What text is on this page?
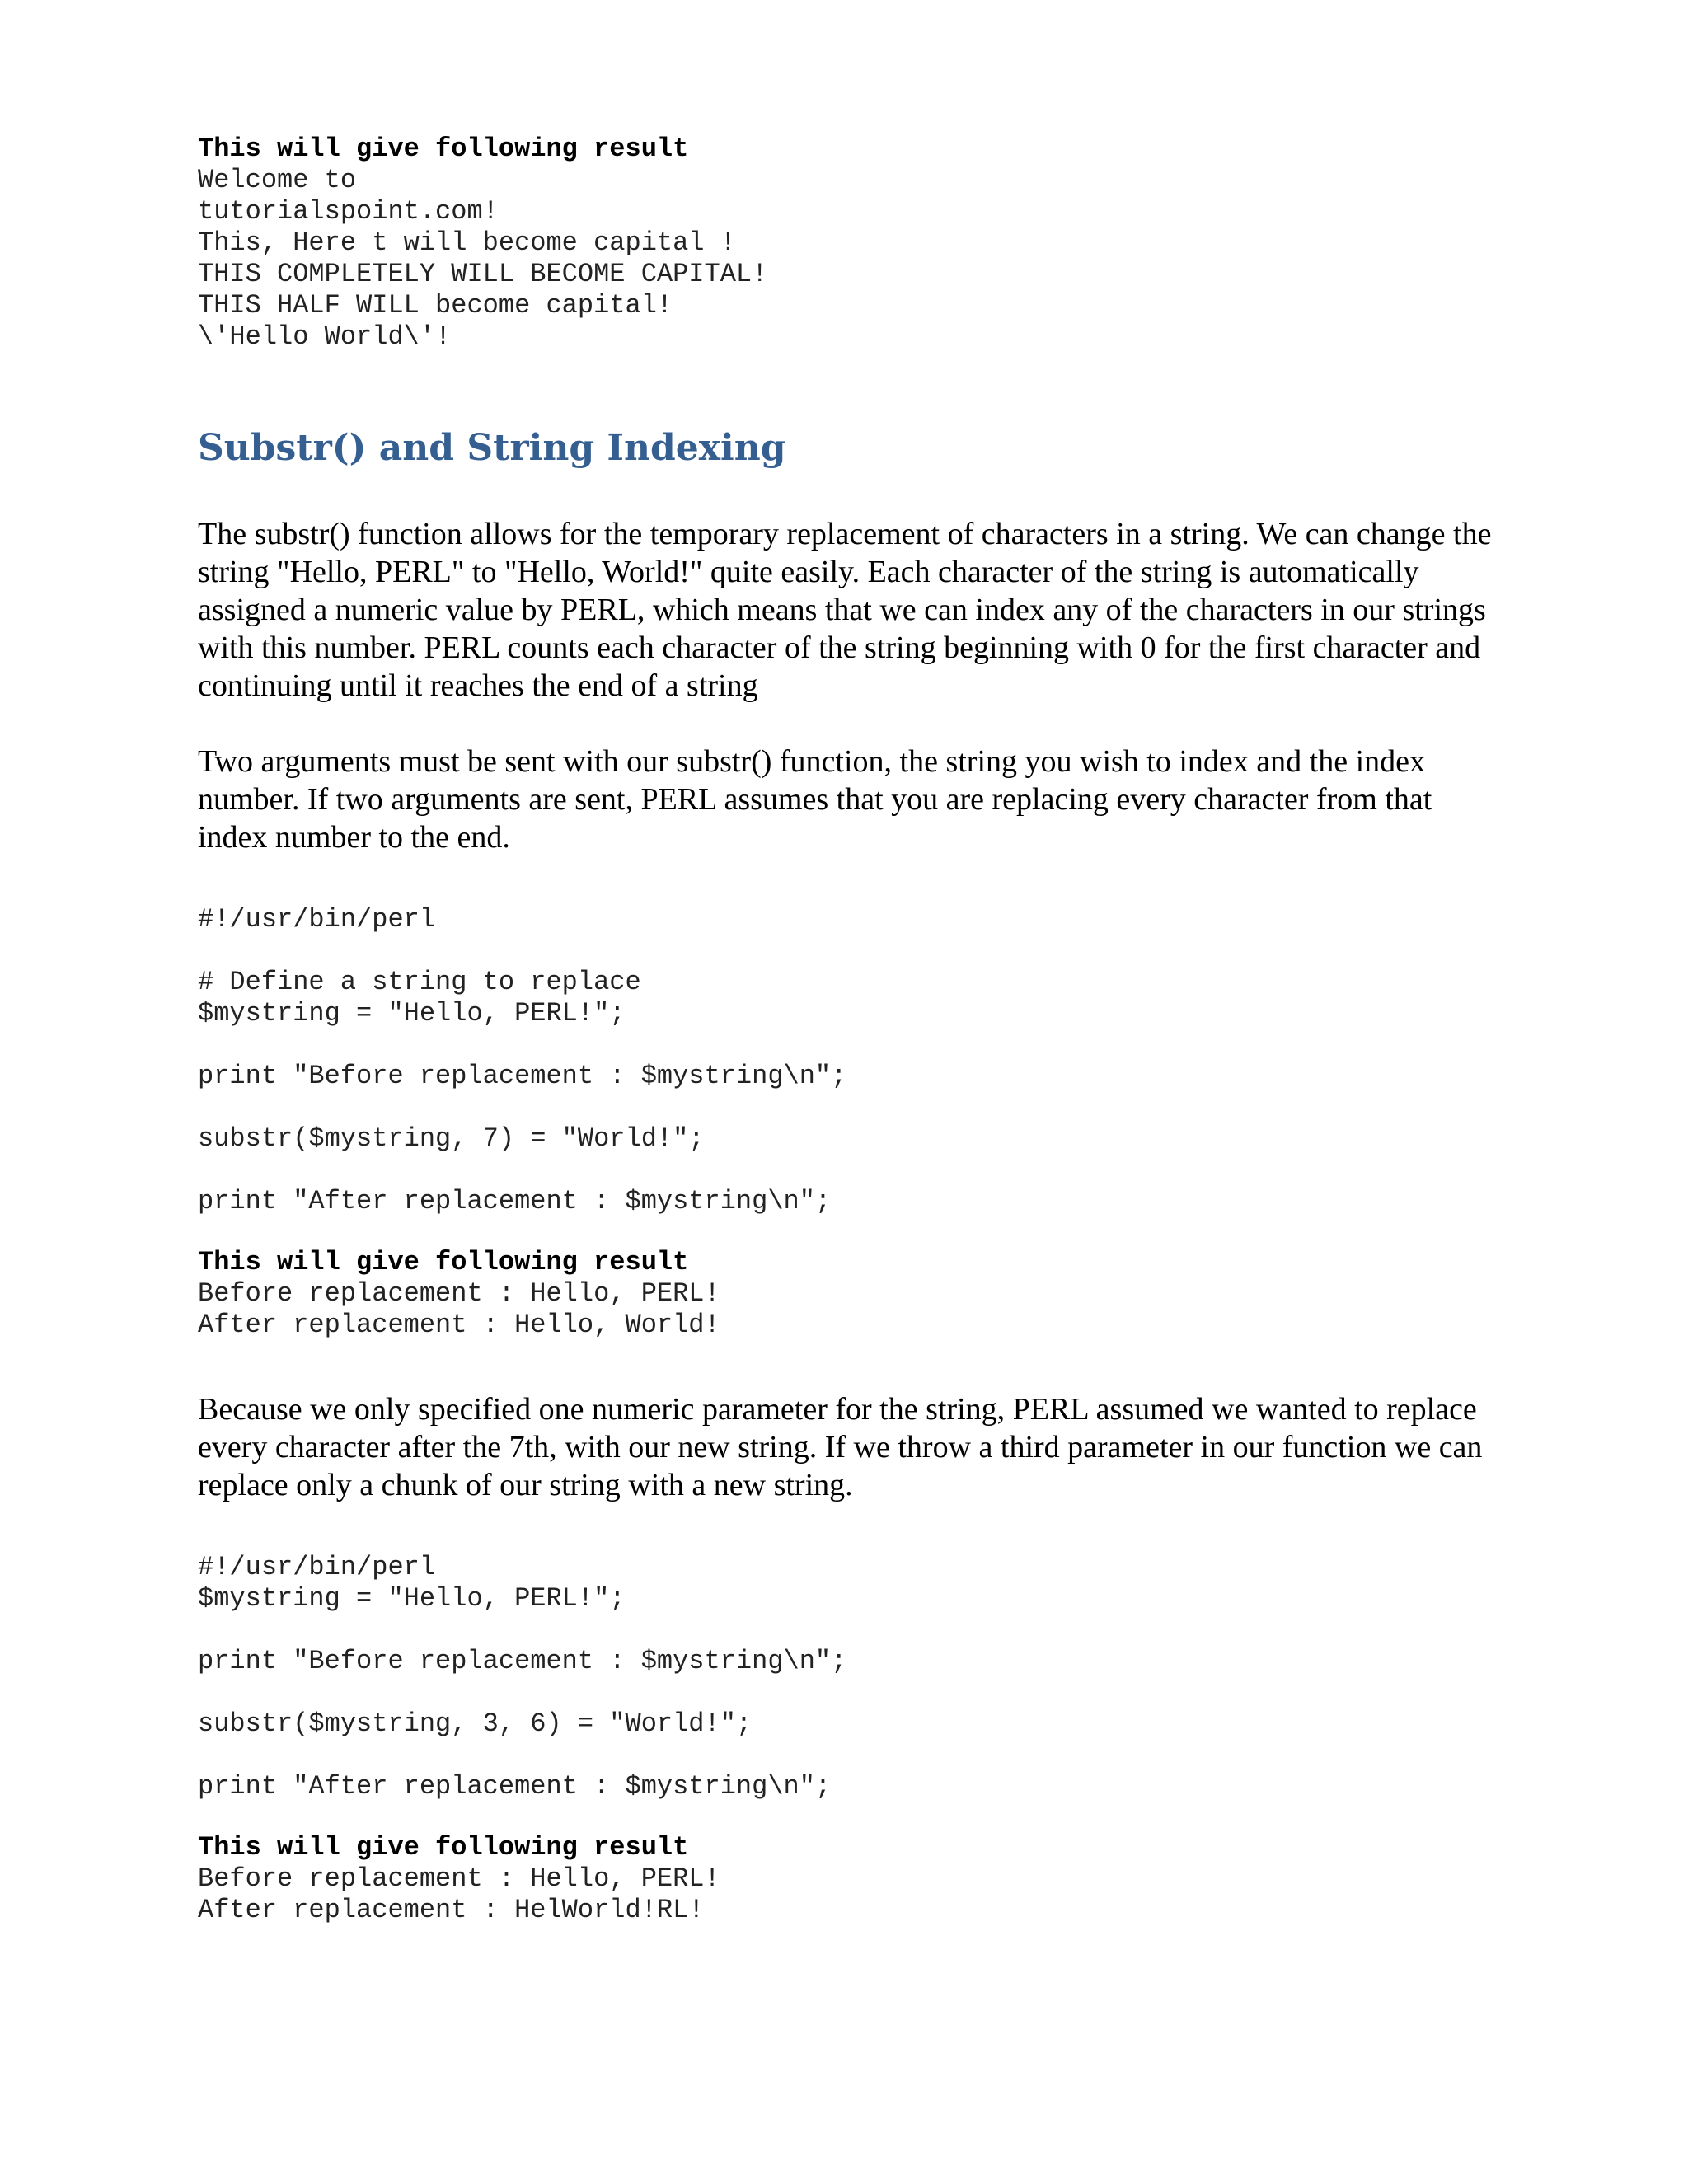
This will give following result

Welcome to

tutorialspoint.com!

This, Here t will become capital !

THIS COMPLETELY WILL BECOME CAPITAL!

THIS HALF WILL become capital!

\'Hello World\'!

Substr() and String Indexing

The substr() function allows for the temporary replacement of characters in a string. We can change the string "Hello, PERL" to "Hello, World!" quite easily. Each character of the string is automatically assigned a numeric value by PERL, which means that we can index any of the characters in our strings with this number. PERL counts each character of the string beginning with 0 for the first character and continuing until it reaches the end of a string

Two arguments must be sent with our substr() function, the string you wish to index and the index number. If two arguments are sent, PERL assumes that you are replacing every character from that index number to the end.

#!/usr/bin/perl

# Define a string to replace

$mystring = "Hello, PERL!";

print "Before replacement : $mystring\n";

substr($mystring, 7) = "World!";

print "After replacement : $mystring\n";

This will give following result

Before replacement : Hello, PERL!

After replacement : Hello, World!

Because we only specified one numeric parameter for the string, PERL assumed we wanted to replace every character after the 7th, with our new string. If we throw a third parameter in our function we can replace only a chunk of our string with a new string.

#!/usr/bin/perl

$mystring = "Hello, PERL!";

print "Before replacement : $mystring\n";

substr($mystring, 3, 6) = "World!";

print "After replacement : $mystring\n";

This will give following result

Before replacement : Hello, PERL!

After replacement : HelWorld!RL!
